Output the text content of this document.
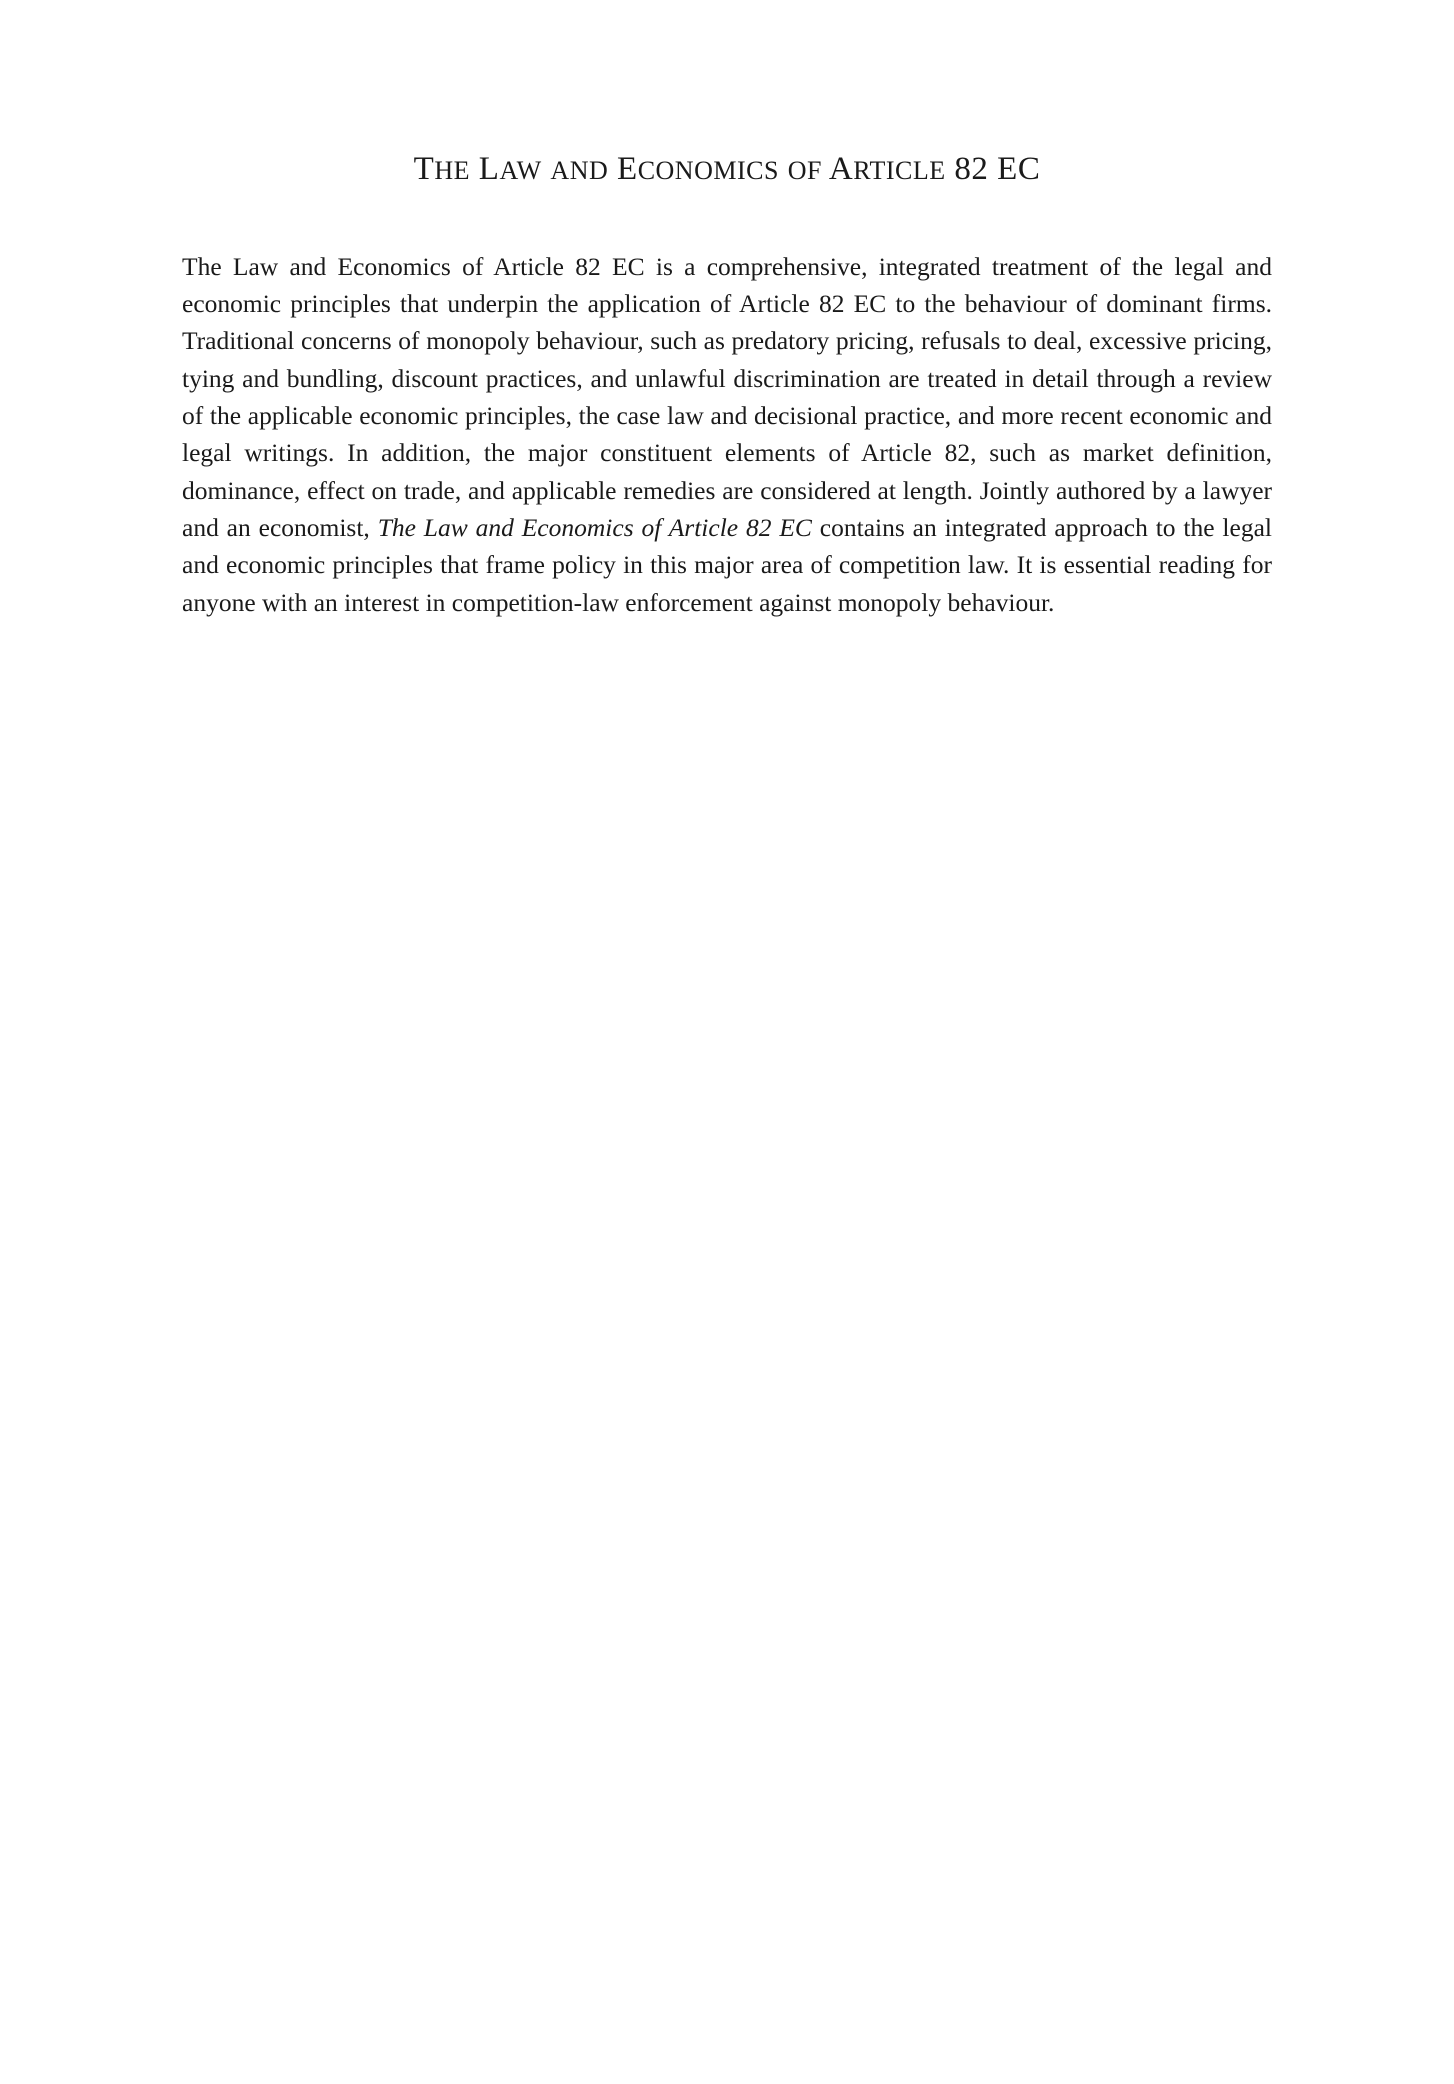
THE LAW AND ECONOMICS OF ARTICLE 82 EC

The Law and Economics of Article 82 EC is a comprehensive, integrated treatment of the legal and economic principles that underpin the application of Article 82 EC to the behaviour of dominant firms. Traditional concerns of monopoly behaviour, such as predatory pricing, refusals to deal, excessive pricing, tying and bundling, discount practices, and unlawful discrimination are treated in detail through a review of the applicable economic principles, the case law and decisional practice, and more recent economic and legal writings. In addition, the major constituent elements of Article 82, such as market definition, dominance, effect on trade, and applicable remedies are considered at length. Jointly authored by a lawyer and an economist, The Law and Economics of Article 82 EC contains an integrated approach to the legal and economic principles that frame policy in this major area of competition law. It is essential reading for anyone with an interest in competition-law enforcement against monopoly behaviour.
